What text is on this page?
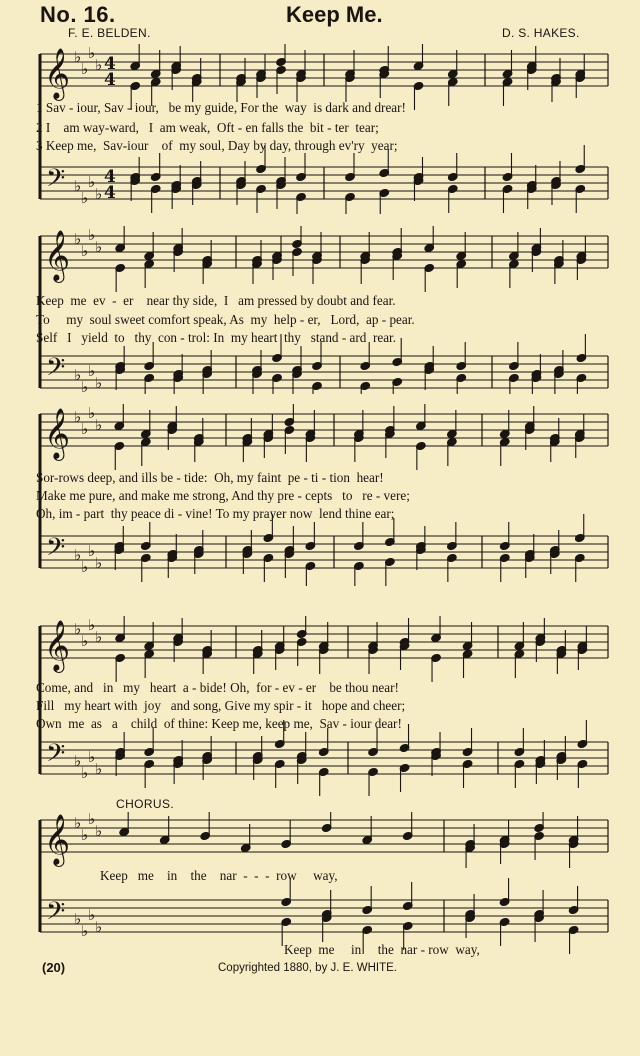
No. 16.	Keep Me.
F. E. BELDEN.	D. S. HAKES.
𝄞
𝄢
♭
♭
♭
♭
♭
♭
♭
♭
4
4
4
4
1 Sav - iour, Sav - iour,   be my guide, For the  way  is dark and drear!
2 I    am way-ward,   I  am weak,  Oft - en falls the  bit - ter  tear;
3 Keep me,  Sav-iour    of  my soul, Day by day, through ev'ry  year;
𝄞
𝄢
♭
♭
♭
♭
♭
♭
♭
♭
Keep  me  ev  -  er    near thy side,  I   am pressed by doubt and fear.
To     my  soul sweet comfort speak, As  my  help - er,   Lord,  ap - pear.
Self   I   yield  to   thy  con - trol: In  my heart  thy   stand - ard  rear.
𝄞
𝄢
♭
♭
♭
♭
♭
♭
♭
♭
Sor-rows deep, and ills be - tide:  Oh, my faint  pe - ti - tion  hear!
Make me pure, and make me strong, And thy pre - cepts   to   re - vere;
Oh, im - part  thy peace di - vine! To my prayer now  lend thine ear;
𝄞
𝄢
♭
♭
♭
♭
♭
♭
♭
♭
Come, and   in   my   heart  a - bide! Oh,  for - ev - er    be thou near!
Fill   my heart with  joy   and song, Give my spir - it   hope and cheer;
Own  me  as   a    child  of thine: Keep me, keep me,  Sav - iour dear!
CHORUS.
𝄞
𝄢
♭
♭
♭
♭
♭
♭
♭
♭
Keep   me    in    the    nar  -  -  -  row     way,
Keep  me     in     the  nar - row  way,
(20)	Copyrighted 1880, by J. E. WHITE.
